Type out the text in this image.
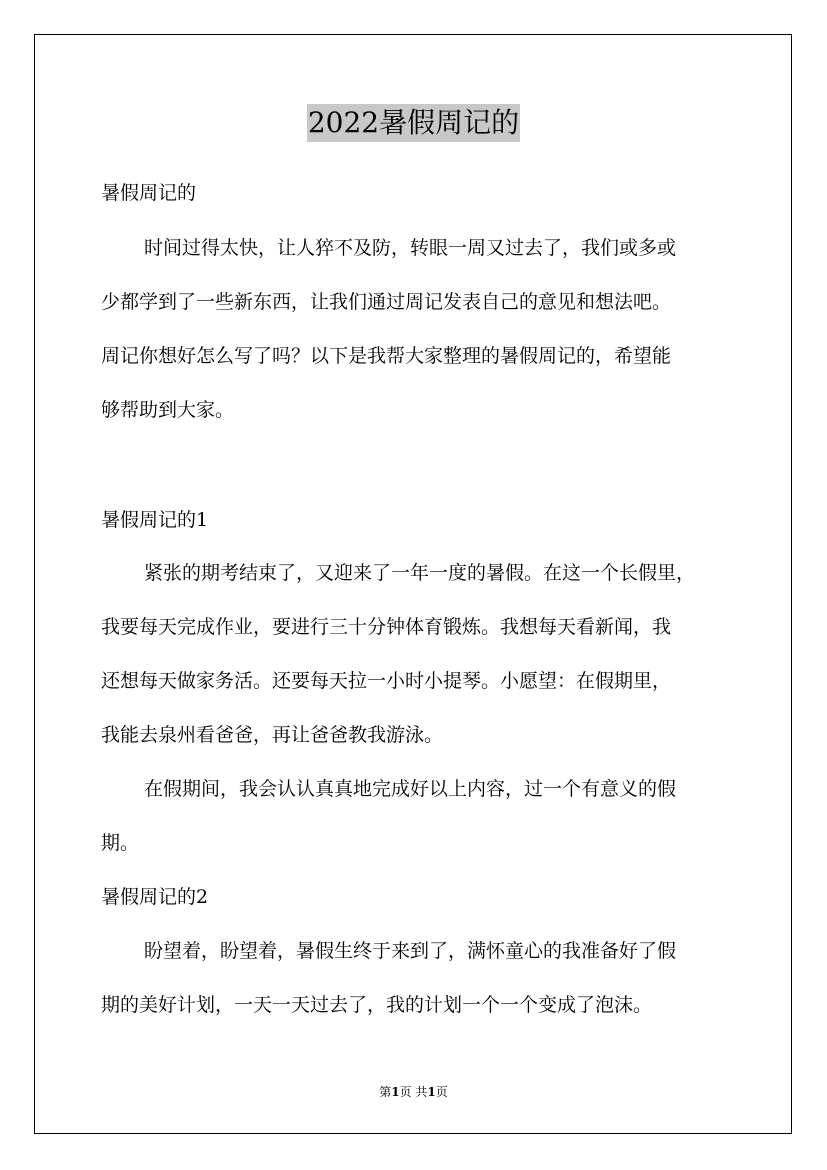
2022暑假周记的
暑假周记的
时间过得太快，让人猝不及防，转眼一周又过去了，我们或多或
少都学到了一些新东西，让我们通过周记发表自己的意见和想法吧。
周记你想好怎么写了吗？以下是我帮大家整理的暑假周记的，希望能
够帮助到大家。
暑假周记的1
紧张的期考结束了，又迎来了一年一度的暑假。在这一个长假里，
我要每天完成作业，要进行三十分钟体育锻炼。我想每天看新闻，我
还想每天做家务活。还要每天拉一小时小提琴。小愿望：在假期里，
我能去泉州看爸爸，再让爸爸教我游泳。
在假期间，我会认认真真地完成好以上内容，过一个有意义的假
期。
暑假周记的2
盼望着，盼望着，暑假生终于来到了，满怀童心的我准备好了假
期的美好计划，一天一天过去了，我的计划一个一个变成了泡沫。
第1页 共1页
